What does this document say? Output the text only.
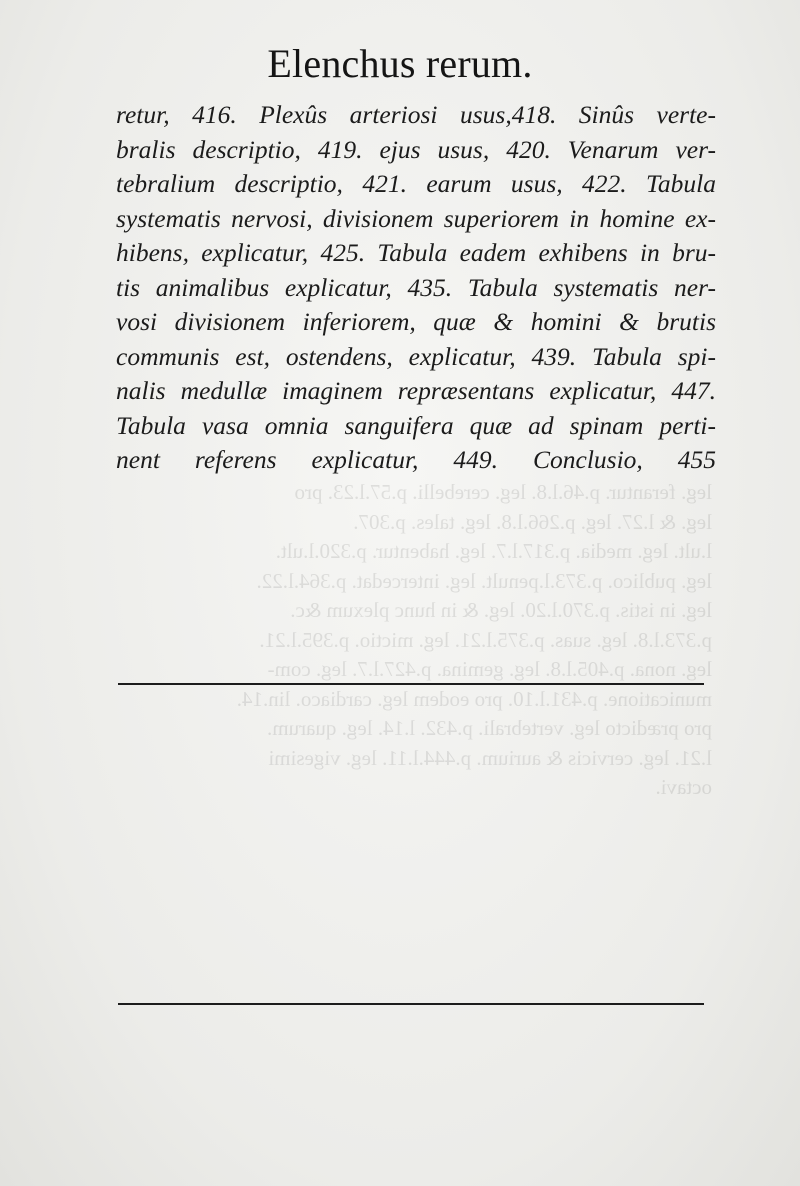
leg. ferantur. p.46.l.8. leg. cerebelli. p.57.l.23. pro
leg. & l.27. leg. p.266.l.8. leg. tales. p.307.
l.ult. leg. media. p.317.l.7. leg. habentur. p.320.l.ult.
leg. publico. p.373.l.penult. leg. intercedat. p.364.l.22.
leg. in istis. p.370.l.20. leg. & in hunc plexum &c.
p.373.l.8. leg. suas. p.375.l.21. leg. mictio. p.395.l.21.
leg. nona. p.405.l.8. leg. gemina. p.427.l.7. leg. com-
municatione. p.431.l.10. pro eodem leg. cardiaco. lin.14.
pro prædicto leg. vertebrali. p.432. l.14. leg. quarum.
l.21. leg. cervicis & aurium. p.444.l.11. leg. vigesimi
octavi.
Elenchus rerum.
retur, 416. Plexûs arteriosi usus,418. Sinûs verte-
bralis descriptio, 419. ejus usus, 420. Venarum ver-
tebralium descriptio, 421. earum usus, 422. Tabula
systematis nervosi, divisionem superiorem in homine ex-
hibens, explicatur, 425. Tabula eadem exhibens in bru-
tis animalibus explicatur, 435. Tabula systematis ner-
vosi divisionem inferiorem, quæ & homini & brutis
communis est, ostendens, explicatur, 439. Tabula spi-
nalis medullæ imaginem repræsentans explicatur, 447.
Tabula vasa omnia sanguifera quæ ad spinam perti-
nent referens explicatur, 449. Conclusio, 455
